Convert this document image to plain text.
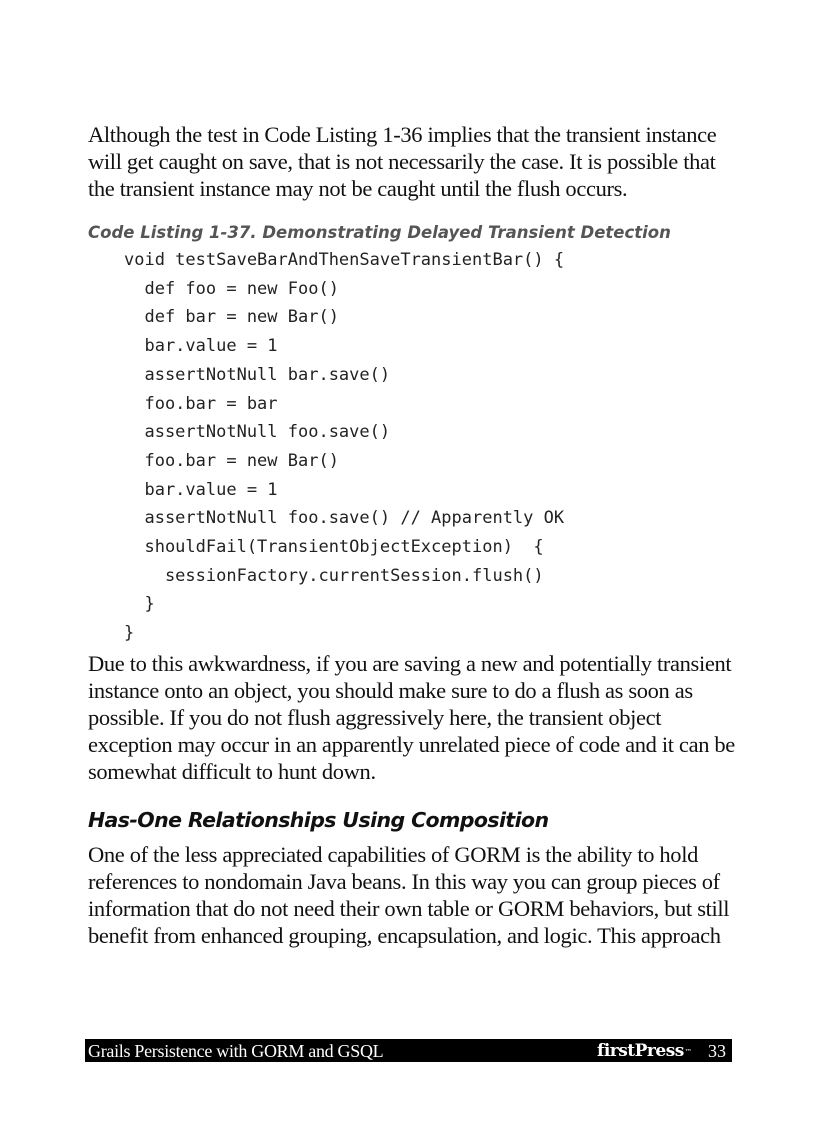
Although the test in Code Listing 1-36 implies that the transient instance
will get caught on save, that is not necessarily the case. It is possible that
the transient instance may not be caught until the flush occurs.

Code Listing 1-37. Demonstrating Delayed Transient Detection
void testSaveBarAndThenSaveTransientBar() {
def foo = new Foo()
def bar = new Bar()
bar.value = 1
assertNotNull bar.save()
foo.bar = bar
assertNotNull foo.save()
foo.bar = new Bar()
bar.value = 1
assertNotNull foo.save() // Apparently OK
shouldFail(TransientObjectException)  {
sessionFactory.currentSession.flush()
}
}

Due to this awkwardness, if you are saving a new and potentially transient
instance onto an object, you should make sure to do a flush as soon as
possible. If you do not flush aggressively here, the transient object
exception may occur in an apparently unrelated piece of code and it can be
somewhat difficult to hunt down.

Has-One Relationships Using Composition

One of the less appreciated capabilities of GORM is the ability to hold
references to nondomain Java beans. In this way you can group pieces of
information that do not need their own table or GORM behaviors, but still
benefit from enhanced grouping, encapsulation, and logic. This approach

Grails Persistence with GORM and GSQL	firstPress™ 33
